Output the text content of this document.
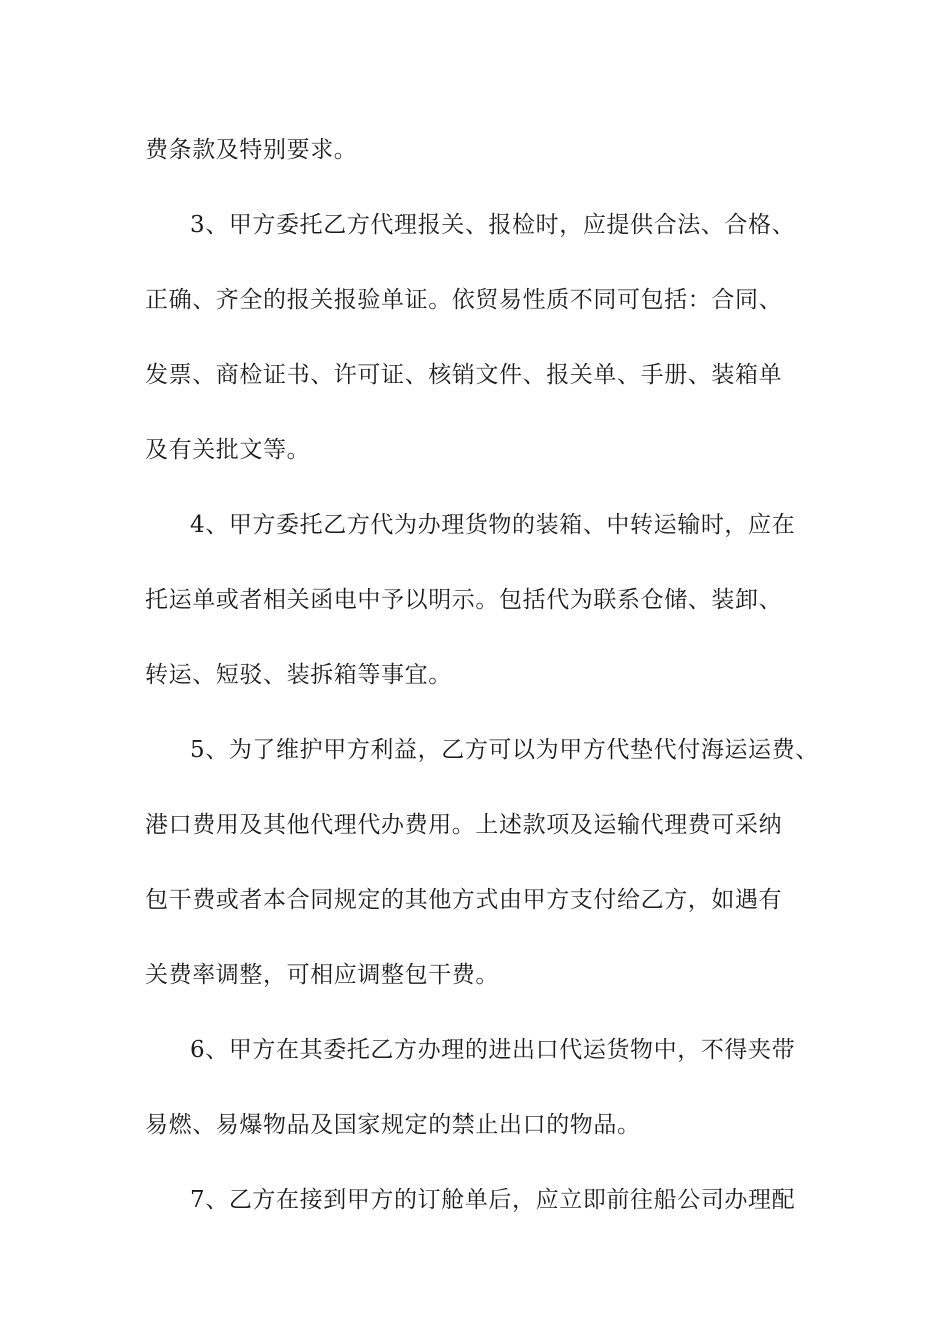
费条款及特别要求。
3、甲方委托乙方代理报关、报检时，应提供合法、合格、
正确、齐全的报关报验单证。依贸易性质不同可包括：合同、
发票、商检证书、许可证、核销文件、报关单、手册、装箱单
及有关批文等。
4、甲方委托乙方代为办理货物的装箱、中转运输时，应在
托运单或者相关函电中予以明示。包括代为联系仓储、装卸、
转运、短驳、装拆箱等事宜。
5、为了维护甲方利益，乙方可以为甲方代垫代付海运运费、
港口费用及其他代理代办费用。上述款项及运输代理费可采纳
包干费或者本合同规定的其他方式由甲方支付给乙方，如遇有
关费率调整，可相应调整包干费。
6、甲方在其委托乙方办理的进出口代运货物中，不得夹带
易燃、易爆物品及国家规定的禁止出口的物品。
7、乙方在接到甲方的订舱单后，应立即前往船公司办理配
